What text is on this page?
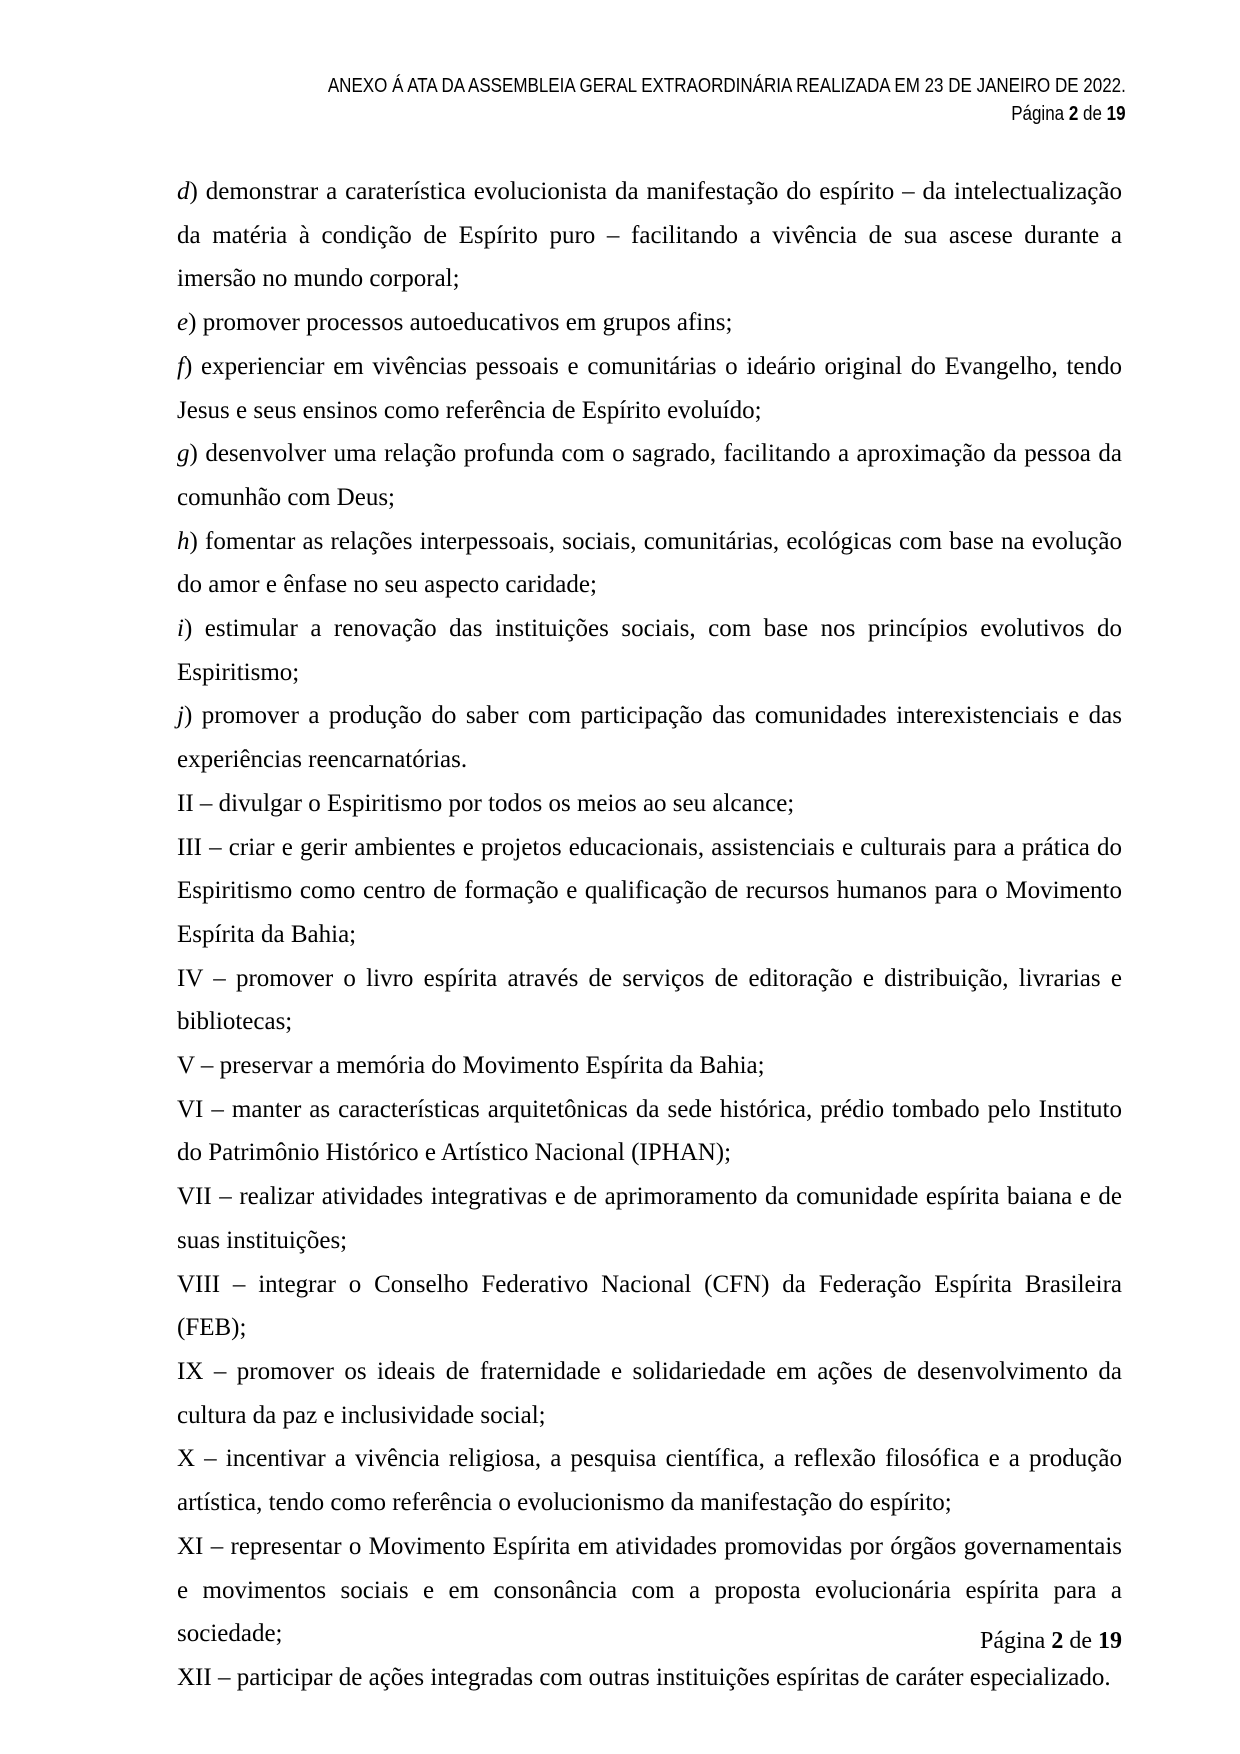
ANEXO Á ATA DA ASSEMBLEIA GERAL EXTRAORDINÁRIA REALIZADA EM 23 DE JANEIRO DE 2022.
Página 2 de 19

d) demonstrar a caraterística evolucionista da manifestação do espírito – da intelectualização da matéria à condição de Espírito puro – facilitando a vivência de sua ascese durante a imersão no mundo corporal;

e) promover processos autoeducativos em grupos afins;

f) experienciar em vivências pessoais e comunitárias o ideário original do Evangelho, tendo Jesus e seus ensinos como referência de Espírito evoluído;

g) desenvolver uma relação profunda com o sagrado, facilitando a aproximação da pessoa da comunhão com Deus;

h) fomentar as relações interpessoais, sociais, comunitárias, ecológicas com base na evolução do amor e ênfase no seu aspecto caridade;

i) estimular a renovação das instituições sociais, com base nos princípios evolutivos do Espiritismo;

j) promover a produção do saber com participação das comunidades interexistenciais e das experiências reencarnatórias.

II – divulgar o Espiritismo por todos os meios ao seu alcance;

III – criar e gerir ambientes e projetos educacionais, assistenciais e culturais para a prática do Espiritismo como centro de formação e qualificação de recursos humanos para o Movimento Espírita da Bahia;

IV – promover o livro espírita através de serviços de editoração e distribuição, livrarias e bibliotecas;

V – preservar a memória do Movimento Espírita da Bahia;

VI – manter as características arquitetônicas da sede histórica, prédio tombado pelo Instituto do Patrimônio Histórico e Artístico Nacional (IPHAN);

VII – realizar atividades integrativas e de aprimoramento da comunidade espírita baiana e de suas instituições;

VIII – integrar o Conselho Federativo Nacional (CFN) da Federação Espírita Brasileira (FEB);

IX – promover os ideais de fraternidade e solidariedade em ações de desenvolvimento da cultura da paz e inclusividade social;

X – incentivar a vivência religiosa, a pesquisa científica, a reflexão filosófica e a produção artística, tendo como referência o evolucionismo da manifestação do espírito;

XI – representar o Movimento Espírita em atividades promovidas por órgãos governamentais e movimentos sociais e em consonância com a proposta evolucionária espírita para a sociedade;

XII – participar de ações integradas com outras instituições espíritas de caráter especializado.

Página 2 de 19
